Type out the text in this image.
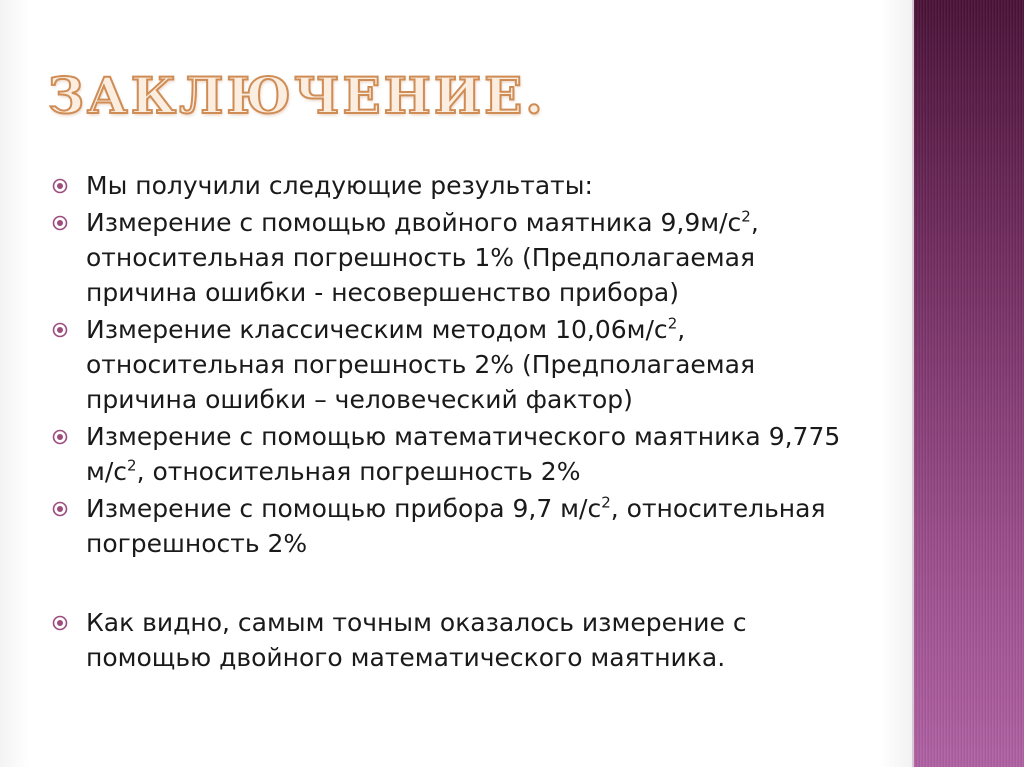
ЗАКЛЮЧЕНИЕ.
Мы получили следующие результаты:
Измерение с помощью двойного маятника $9,9м/с^2$, относительная погрешность 1% (Предполагаемая причина ошибки - несовершенство прибора)
Измерение классическим методом $10,06м/с^2$, относительная погрешность 2% (Предполагаемая причина ошибки – человеческий фактор)
Измерение с помощью математического маятника 9,775 $м/с^2$, относительная погрешность 2%
Измерение с помощью прибора 9,7 $м/с^2$, относительная погрешность 2%
Как видно, самым точным оказалось измерение с помощью двойного математического маятника.
